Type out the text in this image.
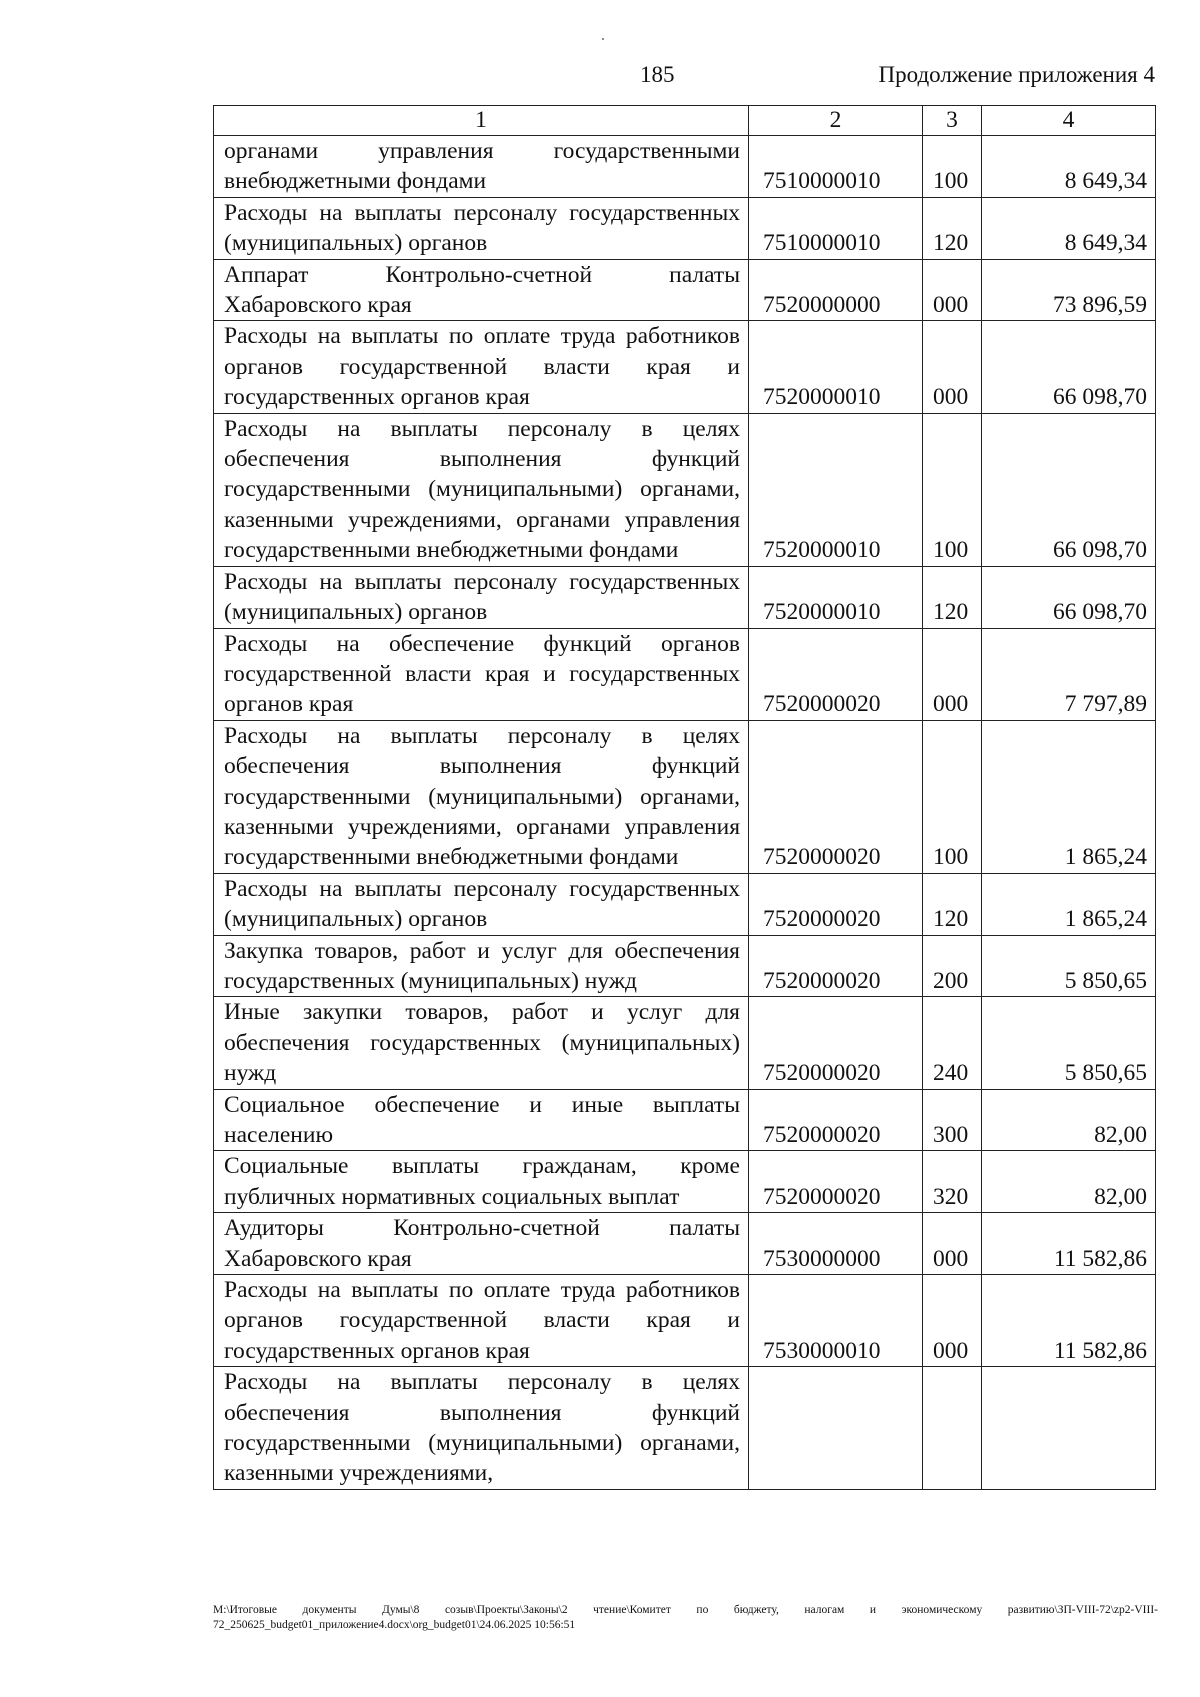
185	Продолжение приложения 4
1	2	3	4
органами управления государственными внебюджетными фондами	7510000010	100	8 649,34
Расходы на выплаты персоналу государственных (муниципальных) органов	7510000010	120	8 649,34
Аппарат Контрольно-счетной палаты Хабаровского края	7520000000	000	73 896,59
Расходы на выплаты по оплате труда работников органов государственной власти края и государственных органов края	7520000010	000	66 098,70
Расходы на выплаты персоналу в целях обеспечения выполнения функций государственными (муниципальными) органами, казенными учреждениями, органами управления государственными внебюджетными фондами	7520000010	100	66 098,70
Расходы на выплаты персоналу государственных (муниципальных) органов	7520000010	120	66 098,70
Расходы на обеспечение функций органов государственной власти края и государственных органов края	7520000020	000	7 797,89
Расходы на выплаты персоналу в целях обеспечения выполнения функций государственными (муниципальными) органами, казенными учреждениями, органами управления государственными внебюджетными фондами	7520000020	100	1 865,24
Расходы на выплаты персоналу государственных (муниципальных) органов	7520000020	120	1 865,24
Закупка товаров, работ и услуг для обеспечения государственных (муниципальных) нужд	7520000020	200	5 850,65
Иные закупки товаров, работ и услуг для обеспечения государственных (муниципальных) нужд	7520000020	240	5 850,65
Социальное обеспечение и иные выплаты населению	7520000020	300	82,00
Социальные выплаты гражданам, кроме публичных нормативных социальных выплат	7520000020	320	82,00
Аудиторы Контрольно-счетной палаты Хабаровского края	7530000000	000	11 582,86
Расходы на выплаты по оплате труда работников органов государственной власти края и государственных органов края	7530000010	000	11 582,86
Расходы на выплаты персоналу в целях обеспечения выполнения функций государственными (муниципальными) органами, казенными учреждениями,			
M:\Итоговые документы Думы\8 созыв\Проекты\Законы\2 чтение\Комитет по бюджету, налогам и экономическому развитию\ЗП-VIII-72\zp2-VIII-72_250625_budget01_приложение4.docx\org_budget01\24.06.2025 10:56:51
